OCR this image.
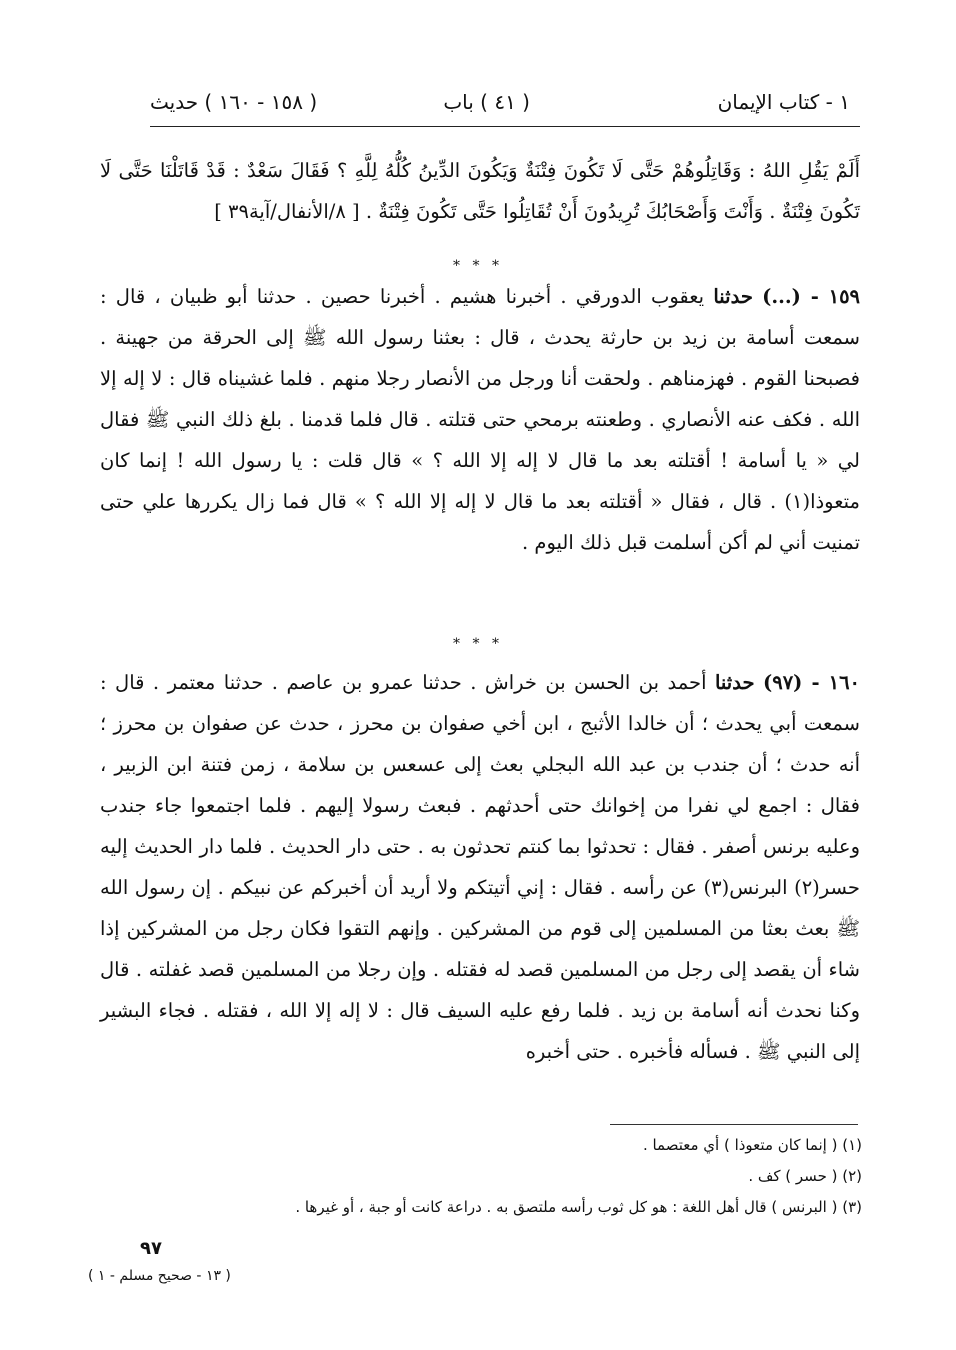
١ - كتاب الإيمان
( ٤١ ) باب
( ١٥٨ - ١٦٠ ) حديث

أَلَمْ يَقُلِ اللهُ : وَقَاتِلُوهُمْ حَتَّى لَا تَكُونَ فِتْنَةٌ وَيَكُونَ الدِّينُ كُلُّهُ لِلَّهِ ؟ فَقَالَ سَعْدٌ : قَدْ قَاتَلْنَا حَتَّى لَا تَكُونَ فِتْنَةٌ . وَأَنْتَ وَأَصْحَابُكَ تُرِيدُونَ أَنْ تُقَاتِلُوا حَتَّى تَكُونَ فِتْنَةٌ . [ ٨/الأنفال/آية٣٩ ]

* * *

١٥٩ - (...) حدثنا يعقوب الدورقي . أخبرنا هشيم . أخبرنا حصين . حدثنا أبو ظبيان ، قال : سمعت أسامة بن زيد بن حارثة يحدث ، قال : بعثنا رسول الله ﷺ إلى الحرقة من جهينة . فصبحنا القوم . فهزمناهم . ولحقت أنا ورجل من الأنصار رجلا منهم . فلما غشيناه قال : لا إله إلا الله . فكف عنه الأنصاري . وطعنته برمحي حتى قتلته . قال فلما قدمنا . بلغ ذلك النبي ﷺ فقال لي « يا أسامة ! أقتلته بعد ما قال لا إله إلا الله ؟ » قال قلت : يا رسول الله ! إنما كان متعوذا(١) . قال ، فقال « أقتلته بعد ما قال لا إله إلا الله ؟ » قال فما زال يكررها علي حتى تمنيت أني لم أكن أسلمت قبل ذلك اليوم .

* * *

١٦٠ - (٩٧) حدثنا أحمد بن الحسن بن خراش . حدثنا عمرو بن عاصم . حدثنا معتمر . قال : سمعت أبي يحدث ؛ أن خالدا الأثبج ، ابن أخي صفوان بن محرز ، حدث عن صفوان بن محرز ؛ أنه حدث ؛ أن جندب بن عبد الله البجلي بعث إلى عسعس بن سلامة ، زمن فتنة ابن الزبير ، فقال : اجمع لي نفرا من إخوانك حتى أحدثهم . فبعث رسولا إليهم . فلما اجتمعوا جاء جندب وعليه برنس أصفر . فقال : تحدثوا بما كنتم تحدثون به . حتى دار الحديث . فلما دار الحديث إليه حسر(٢) البرنس(٣) عن رأسه . فقال : إني أتيتكم ولا أريد أن أخبركم عن نبيكم . إن رسول الله ﷺ بعث بعثا من المسلمين إلى قوم من المشركين . وإنهم التقوا فكان رجل من المشركين إذا شاء أن يقصد إلى رجل من المسلمين قصد له فقتله . وإن رجلا من المسلمين قصد غفلته . قال وكنا نحدث أنه أسامة بن زيد . فلما رفع عليه السيف قال : لا إله إلا الله ، فقتله . فجاء البشير إلى النبي ﷺ . فسأله فأخبره . حتى أخبره

(١) ( إنما كان متعوذا ) أي معتصما .
(٢) ( حسر ) كف .
(٣) ( البرنس ) قال أهل اللغة : هو كل ثوب رأسه ملتصق به . دراعة كانت أو جبة ، أو غيرها .
٩٧
( ١٣ - صحيح مسلم - ١ )
